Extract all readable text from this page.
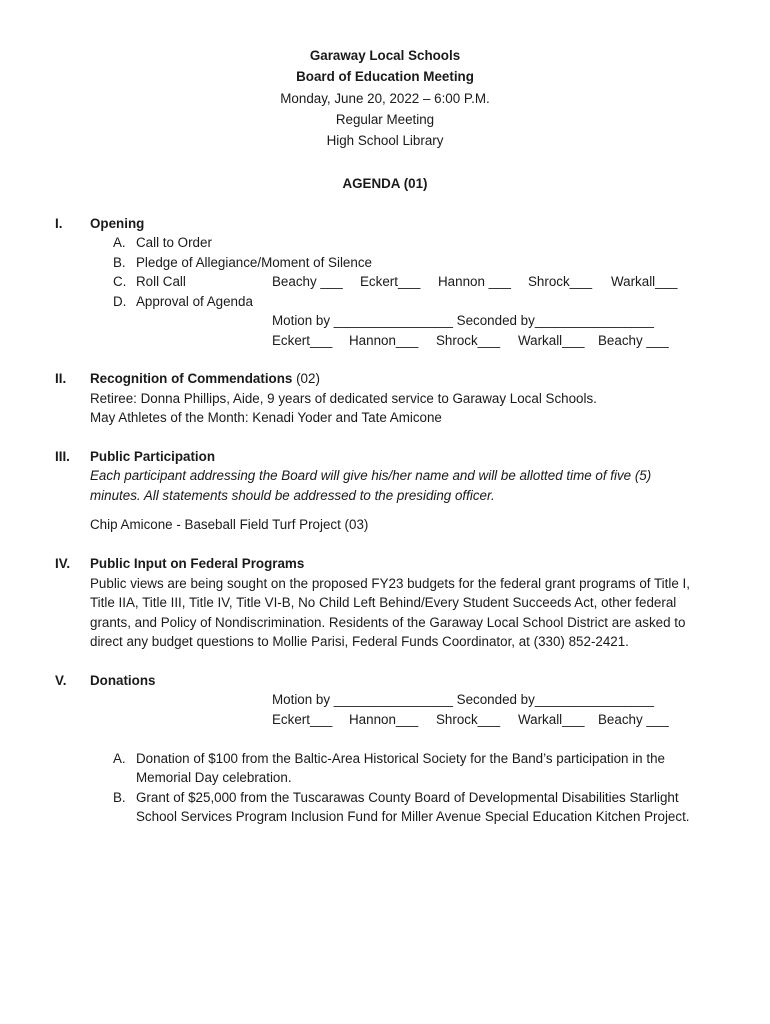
Garaway Local Schools
Board of Education Meeting
Monday, June 20, 2022 – 6:00 P.M.
Regular Meeting
High School Library
AGENDA (01)
I. Opening
A. Call to Order
B. Pledge of Allegiance/Moment of Silence
C. Roll Call
D. Approval of Agenda
Beachy ___ Eckert___ Hannon ___ Shrock___ Warkall___
Motion by ________________ Seconded by________________
Eckert___ Hannon___ Shrock___ Warkall___ Beachy ___
II. Recognition of Commendations (02)
Retiree: Donna Phillips, Aide, 9 years of dedicated service to Garaway Local Schools.
May Athletes of the Month: Kenadi Yoder and Tate Amicone
III. Public Participation
Each participant addressing the Board will give his/her name and will be allotted time of five (5)
minutes. All statements should be addressed to the presiding officer.
Chip Amicone - Baseball Field Turf Project (03)
IV. Public Input on Federal Programs
Public views are being sought on the proposed FY23 budgets for the federal grant programs of Title I,
Title IIA, Title III, Title IV, Title VI-B, No Child Left Behind/Every Student Succeeds Act, other federal
grants, and Policy of Nondiscrimination. Residents of the Garaway Local School District are asked to
direct any budget questions to Mollie Parisi, Federal Funds Coordinator, at (330) 852-2421.
V. Donations
Motion by ________________ Seconded by________________
Eckert___ Hannon___ Shrock___ Warkall___ Beachy ___
A. Donation of $100 from the Baltic-Area Historical Society for the Band’s participation in the
Memorial Day celebration.
B. Grant of $25,000 from the Tuscarawas County Board of Developmental Disabilities Starlight
School Services Program Inclusion Fund for Miller Avenue Special Education Kitchen Project.
